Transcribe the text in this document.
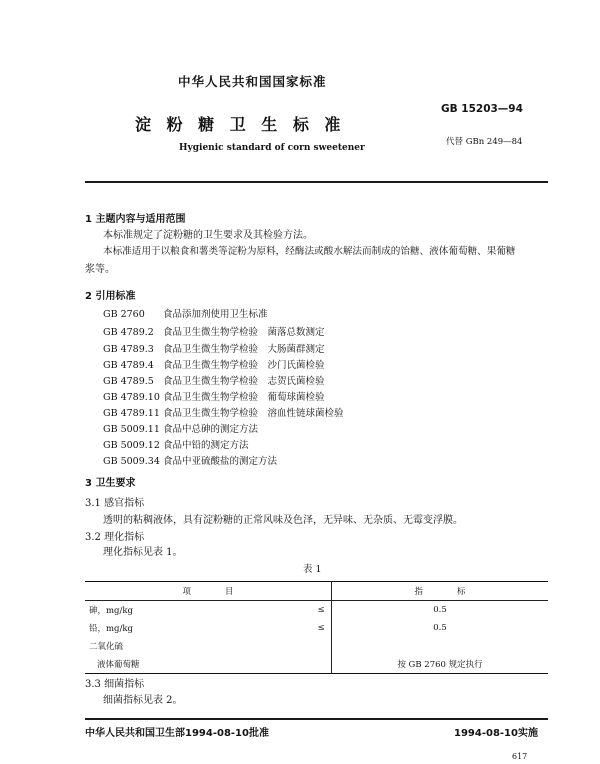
中华人民共和国国家标准
GB 15203—94
淀 粉 糖 卫 生 标 准
代替 GBn 249—84
Hygienic standard of corn sweetener
1 主题内容与适用范围
本标准规定了淀粉糖的卫生要求及其检验方法。
本标准适用于以粮食和薯类等淀粉为原料，经酶法或酸水解法而制成的饴糖、液体葡萄糖、果葡糖
浆等。
2 引用标准
GB 2760 食品添加剂使用卫生标准
GB 4789.2 食品卫生微生物学检验　菌落总数测定
GB 4789.3 食品卫生微生物学检验　大肠菌群测定
GB 4789.4 食品卫生微生物学检验　沙门氏菌检验
GB 4789.5 食品卫生微生物学检验　志贺氏菌检验
GB 4789.10 食品卫生微生物学检验　葡萄球菌检验
GB 4789.11 食品卫生微生物学检验　溶血性链球菌检验
GB 5009.11 食品中总砷的测定方法
GB 5009.12 食品中铅的测定方法
GB 5009.34 食品中亚硫酸盐的测定方法
3 卫生要求
3.1 感官指标
透明的粘稠液体，具有淀粉糖的正常风味及色泽，无异味、无杂质、无霉变浮膜。
3.2 理化指标
理化指标见表 1。
表 1
项　　　　目		指　　　　标
砷，mg/kg	≤	0.5
铅，mg/kg	≤	0.5
二氧化硫		
液体葡萄糖		按 GB 2760 规定执行
3.3 细菌指标
细菌指标见表 2。
中华人民共和国卫生部1994-08-10批准	1994-08-10实施
617
